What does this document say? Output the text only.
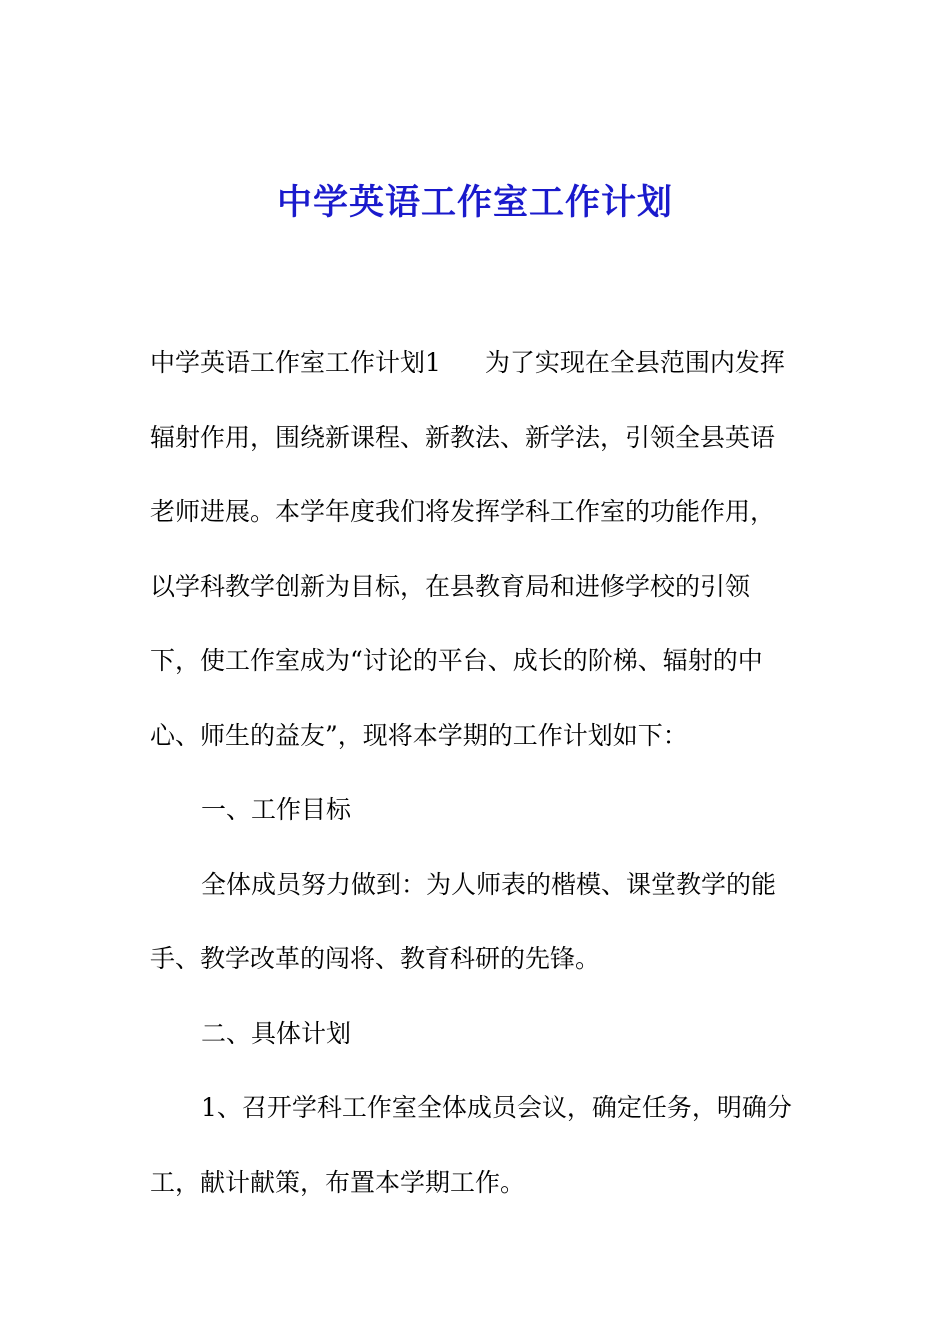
中学英语工作室工作计划
中学英语工作室工作计划1 为了实现在全县范围内发挥
辐射作用，围绕新课程、新教法、新学法，引领全县英语
老师进展。本学年度我们将发挥学科工作室的功能作用，
以学科教学创新为目标，在县教育局和进修学校的引领
下，使工作室成为“讨论的平台、成长的阶梯、辐射的中
心、师生的益友”，现将本学期的工作计划如下：
一、工作目标
全体成员努力做到：为人师表的楷模、课堂教学的能
手、教学改革的闯将、教育科研的先锋。
二、具体计划
1、召开学科工作室全体成员会议，确定任务，明确分
工，献计献策，布置本学期工作。
